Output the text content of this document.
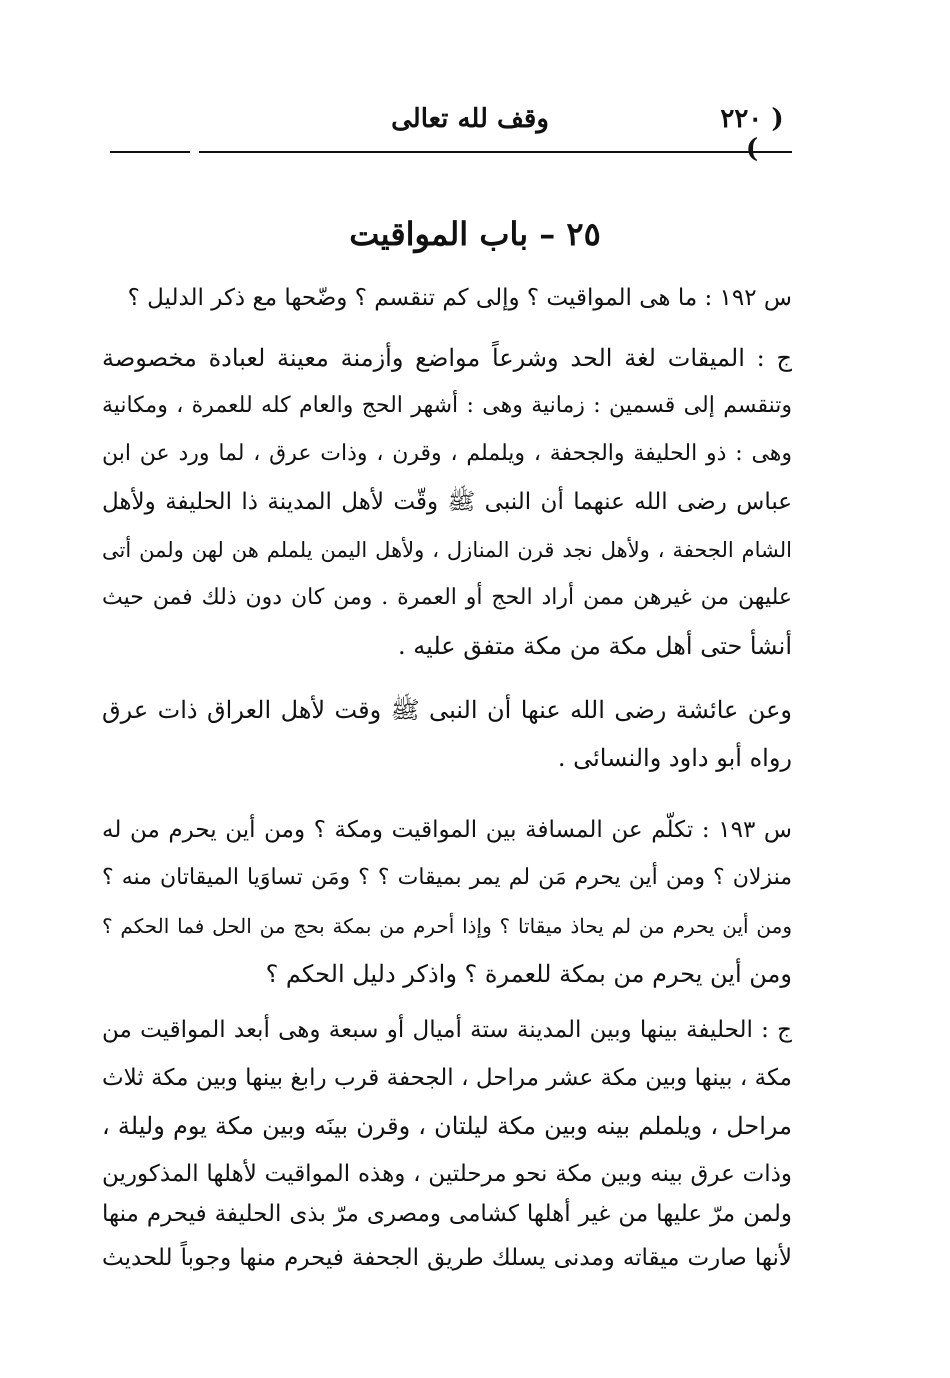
( ٢٢٠ )
وقف لله تعالى
٢٥ – باب المواقيت
س ١٩٢ : ما هى المواقيت ؟ وإلى كم تنقسم ؟ وضّحها مع ذكر الدليل ؟
ج : الميقات لغة الحد وشرعاً مواضع وأزمنة معينة لعبادة مخصوصة
وتنقسم إلى قسمين : زمانية وهى : أشهر الحج والعام كله للعمرة ، ومكانية
وهى : ذو الحليفة والجحفة ، ويلملم ، وقرن ، وذات عرق ، لما ورد عن ابن
عباس رضى الله عنهما أن النبى ﷺ وقّت لأهل المدينة ذا الحليفة ولأهل
الشام الجحفة ، ولأهل نجد قرن المنازل ، ولأهل اليمن يلملم هن لهن ولمن أتى
عليهن من غيرهن ممن أراد الحج أو العمرة . ومن كان دون ذلك فمن حيث
أنشأ حتى أهل مكة من مكة متفق عليه .
وعن عائشة رضى الله عنها أن النبى ﷺ وقت لأهل العراق ذات عرق
رواه أبو داود والنسائى .
س ١٩٣ : تكلّم عن المسافة بين المواقيت ومكة ؟ ومن أين يحرم من له
منزلان ؟ ومن أين يحرم مَن لم يمر بميقات ؟ ؟ ومَن تساوَيا الميقاتان منه ؟
ومن أين يحرم من لم يحاذ ميقاتا ؟ وإذا أحرم من بمكة بحج من الحل فما الحكم ؟
ومن أين يحرم من بمكة للعمرة ؟ واذكر دليل الحكم ؟
ج : الحليفة بينها وبين المدينة ستة أميال أو سبعة وهى أبعد المواقيت من
مكة ، بينها وبين مكة عشر مراحل ، الجحفة قرب رابغ بينها وبين مكة ثلاث
مراحل ، ويلملم بينه وبين مكة ليلتان ، وقرن بينَه وبين مكة يوم وليلة ،
وذات عرق بينه وبين مكة نحو مرحلتين ، وهذه المواقيت لأهلها المذكورين
ولمن مرّ عليها من غير أهلها كشامى ومصرى مرّ بذى الحليفة فيحرم منها
لأنها صارت ميقاته ومدنى يسلك طريق الجحفة فيحرم منها وجوباً للحديث
